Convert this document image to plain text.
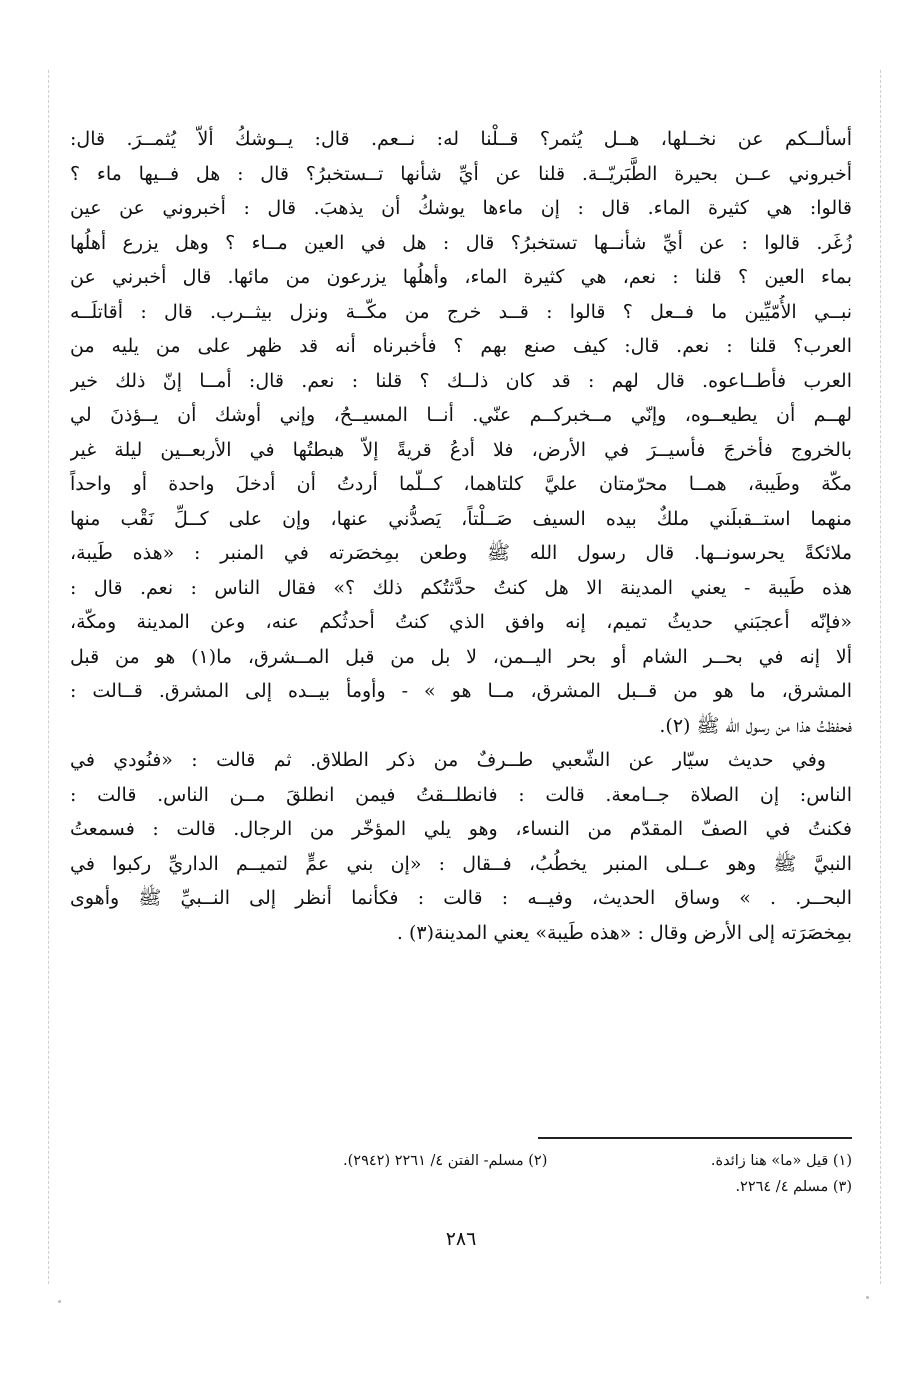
أسألــكم عن نخــلها، هــل يُثمر؟ قــلْنا له: نــعم. قال: يــوشكُ ألاّ يُثمــرَ. قال:
أخبروني عــن بحيرة الطَّبَريّــة. قلنا عن أيِّ شأنها تــستخبرُ؟ قال : هل فــيها ماء ؟
قالوا: هي كثيرة الماء. قال : إن ماءها يوشكُ أن يذهبَ. قال : أخبروني عن عين
زُغَر. قالوا : عن أيِّ شأنــها تستخبرُ؟ قال : هل في العين مــاء ؟ وهل يزرع أهلُها
بماء العين ؟ قلنا : نعم، هي كثيرة الماء، وأهلُها يزرعون من مائها. قال أخبرني عن
نبــي الأُمّيِّين ما فــعل ؟ قالوا : قــد خرج من مكّــة ونزل بيثــرب. قال : أقاتلَــه
العرب؟ قلنا : نعم. قال: كيف صنع بهم ؟ فأخبرناه أنه قد ظهر على من يليه من
العرب فأطــاعوه. قال لهم : قد كان ذلــك ؟ قلنا : نعم. قال: أمــا إنّ ذلك خير
لهــم أن يطيعــوه، وإنّي مــخبركــم عنّي. أنــا المسيــحُ، وإني أوشك أن يــؤذنَ لي
بالخروج فأخرجَ فأسيــرَ في الأرض، فلا أدعُ قريةً إلاّ هبطتُها في الأربعــين ليلة غير
مكّة وطَيبة، همــا محرّمتان عليَّ كلتاهما، كــلّما أردتُ أن أدخلَ واحدة أو واحداً
منهما استــقبلَني ملكٌ بيده السيف صَــلْتاً، يَصدُّني عنها، وإن على كــلِّ نَقْب منها
ملائكةً يحرسونــها. قال رسول الله ﷺ وطعن بمِخصَرته في المنبر : «هذه طَيبة،
هذه طَيبة - يعني المدينة الا هل كنتُ حدَّثتُكم ذلك ؟» فقال الناس : نعم. قال :
«فإنّه أعجبَني حديثُ تميم، إنه وافق الذي كنتُ أحدثُكم عنه، وعن المدينة ومكّة،
ألا إنه في بحــر الشام أو بحر اليــمن، لا بل من قبل المــشرق، ما(١) هو من قبل
المشرق، ما هو من قــبل المشرق، مــا هو » - وأومأ بيــده إلى المشرق. قــالت :
فحفظتُ هذا من رسول الله ﷺ (٢).
وفي حديث سيّار عن الشّعبي طــرفٌ من ذكر الطلاق. ثم قالت : «فنُودي في
الناس: إن الصلاة جــامعة. قالت : فانطلــقتُ فيمن انطلقَ مــن الناس. قالت :
فكنتُ في الصفّ المقدّم من النساء، وهو يلي المؤخّر من الرجال. قالت : فسمعتُ
النبيَّ ﷺ وهو عــلى المنبر يخطُبُ، فــقال : «إن بني عمٍّ لتميــم الداريِّ ركبوا في
البحــر. . » وساق الحديث، وفيــه : قالت : فكأنما أنظر إلى النــبيِّ ﷺ وأهوى
بمِخصَرَته إلى الأرض وقال : «هذه طَيبة» يعني المدينة(٣) .
(١) قيل «ما» هنا زائدة. (٢) مسلم- الفتن ٤/ ٢٢٦١ (٢٩٤٢).
(٣) مسلم ٤/ ٢٢٦٤.
٢٨٦
